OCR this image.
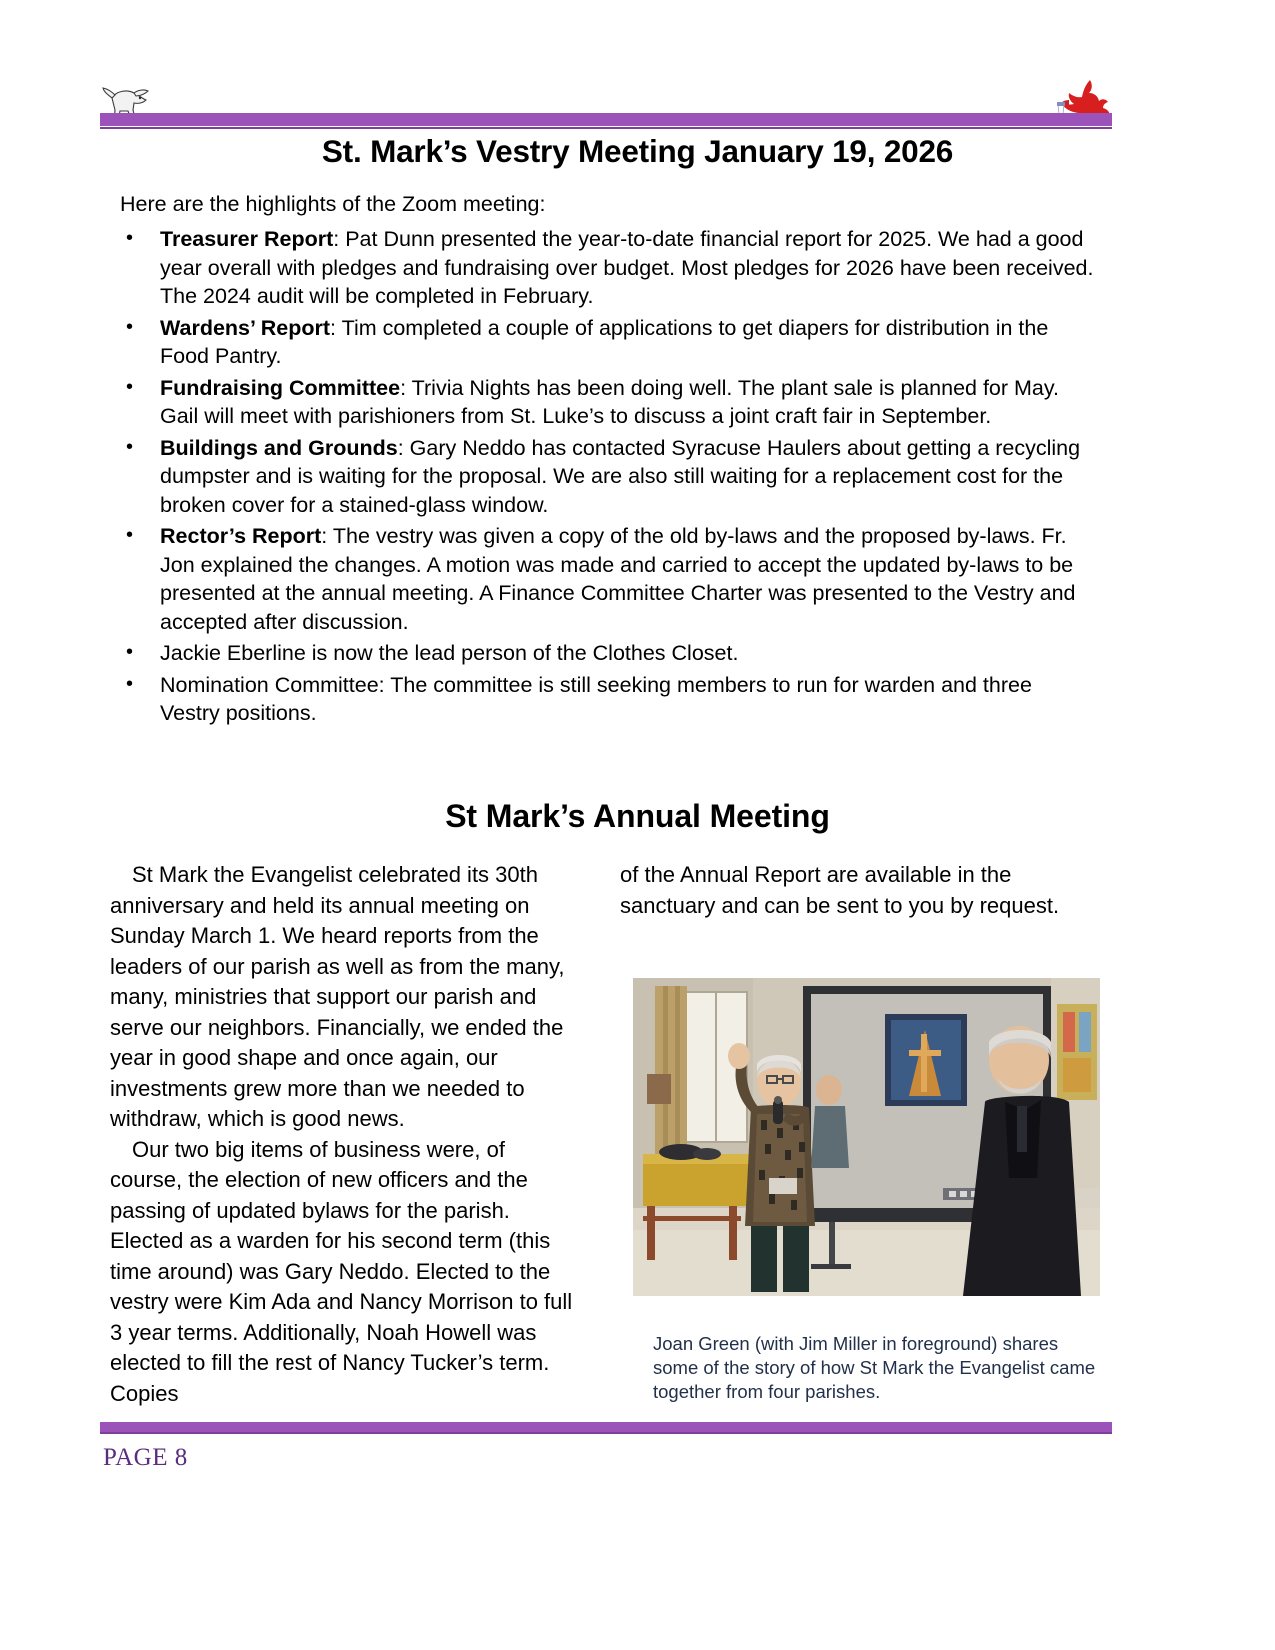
St. Mark’s Vestry Meeting January 19, 2026
Here are the highlights of the Zoom meeting:
• Treasurer Report: Pat Dunn presented the year-to-date financial report for 2025. We had a good year overall with pledges and fundraising over budget. Most pledges for 2026 have been received. The 2024 audit will be completed in February.
• Wardens’ Report: Tim completed a couple of applications to get diapers for distribution in the Food Pantry.
• Fundraising Committee: Trivia Nights has been doing well. The plant sale is planned for May. Gail will meet with parishioners from St. Luke’s to discuss a joint craft fair in September.
• Buildings and Grounds: Gary Neddo has contacted Syracuse Haulers about getting a recycling dumpster and is waiting for the proposal. We are also still waiting for a replacement cost for the broken cover for a stained-glass window.
• Rector’s Report: The vestry was given a copy of the old by-laws and the proposed by-laws. Fr. Jon explained the changes. A motion was made and carried to accept the updated by-laws to be presented at the annual meeting. A Finance Committee Charter was presented to the Vestry and accepted after discussion.
• Jackie Eberline is now the lead person of the Clothes Closet.
• Nomination Committee: The committee is still seeking members to run for warden and three Vestry positions.
St Mark’s Annual Meeting

St Mark the Evangelist celebrated its 30th anniversary and held its annual meeting on Sunday March 1. We heard reports from the leaders of our parish as well as from the many, many, ministries that support our parish and serve our neighbors. Financially, we ended the year in good shape and once again, our investments grew more than we needed to withdraw, which is good news.

Our two big items of business were, of course, the election of new officers and the passing of updated bylaws for the parish. Elected as a warden for his second term (this time around) was Gary Neddo. Elected to the vestry were Kim Ada and Nancy Morrison to full 3 year terms. Additionally, Noah Howell was elected to fill the rest of Nancy Tucker’s term. Copies

of the Annual Report are available in the sanctuary and can be sent to you by request.

Joan Green (with Jim Miller in foreground) shares some of the story of how St Mark the Evangelist came together from four parishes.
PAGE 8
